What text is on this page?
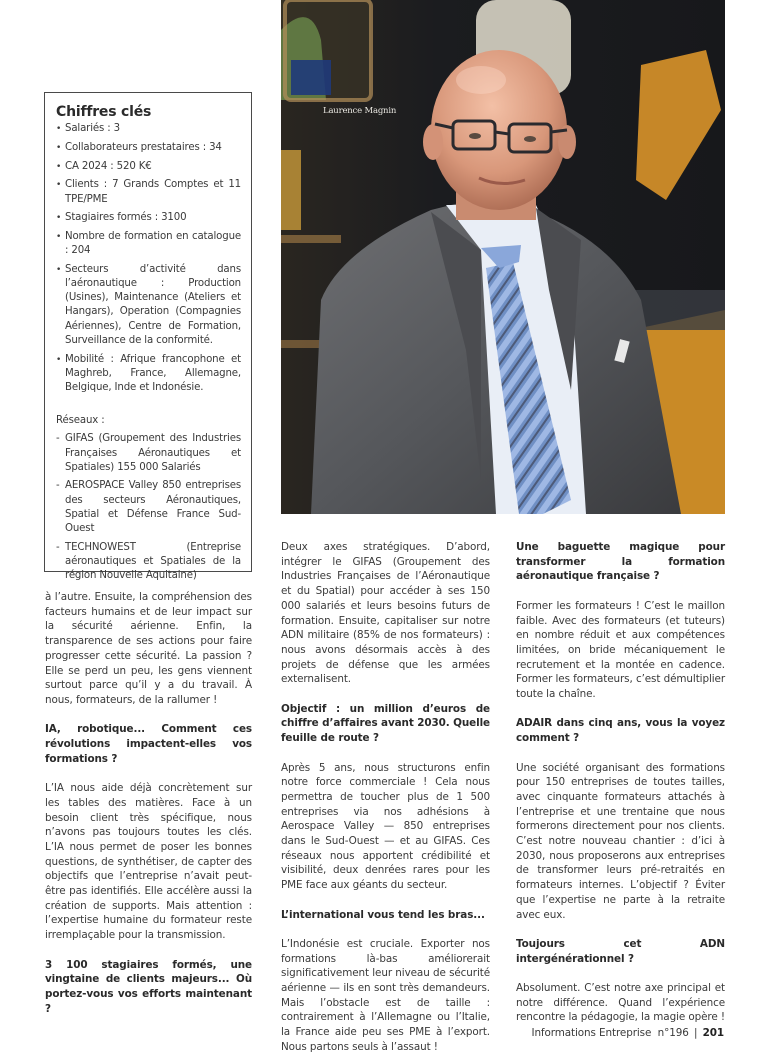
Chiffres clés
• Salariés : 3
• Collaborateurs prestataires : 34
• CA 2024 : 520 K€
• Clients : 7 Grands Comptes et 11 TPE/PME
• Stagiaires formés : 3100
• Nombre de formation en catalogue : 204
• Secteurs d’activité dans l’aéronautique : Production (Usines), Maintenance (Ateliers et Hangars), Operation (Compagnies Aériennes), Centre de Formation, Surveillance de la conformité.
• Mobilité : Afrique francophone et Maghreb, France, Allemagne, Belgique, Inde et Indonésie.
Réseaux :
- GIFAS (Groupement des Industries Françaises Aéronautiques et Spatiales) 155 000 Salariés
- AEROSPACE Valley 850 entreprises des secteurs Aéronautiques, Spatial et Défense France Sud-Ouest
- TECHNOWEST (Entreprise aéronautiques et Spatiales de la région Nouvelle Aquitaine)
Laurence Magnin

à l’autre. Ensuite, la compréhension des facteurs humains et de leur impact sur la sécurité aérienne. Enfin, la transparence de ses actions pour faire progresser cette sécurité. La passion ? Elle se perd un peu, les gens viennent surtout parce qu’il y a du travail. À nous, formateurs, de la rallumer !

IA, robotique... Comment ces révolutions impactent-elles vos formations ?

L’IA nous aide déjà concrètement sur les tables des matières. Face à un besoin client très spécifique, nous n’avons pas toujours toutes les clés. L’IA nous permet de poser les bonnes questions, de synthétiser, de capter des objectifs que l’entreprise n’avait peut-être pas identifiés. Elle accélère aussi la création de supports. Mais attention : l’expertise humaine du formateur reste irremplaçable pour la transmission.

3 100 stagiaires formés, une vingtaine de clients majeurs... Où portez-vous vos efforts maintenant ?

Deux axes stratégiques. D’abord, intégrer le GIFAS (Groupement des Industries Françaises de l’Aéronautique et du Spatial) pour accéder à ses 150 000 salariés et leurs besoins futurs de formation. Ensuite, capitaliser sur notre ADN militaire (85% de nos formateurs) : nous avons désormais accès à des projets de défense que les armées externalisent.

Objectif : un million d’euros de chiffre d’affaires avant 2030. Quelle feuille de route ?

Après 5 ans, nous structurons enfin notre force commerciale ! Cela nous permettra de toucher plus de 1 500 entreprises via nos adhésions à Aerospace Valley — 850 entreprises dans le Sud-Ouest — et au GIFAS. Ces réseaux nous apportent crédibilité et visibilité, deux denrées rares pour les PME face aux géants du secteur.

L’international vous tend les bras...

L’Indonésie est cruciale. Exporter nos formations là-bas améliorerait significativement leur niveau de sécurité aérienne — ils en sont très demandeurs. Mais l’obstacle est de taille : contrairement à l’Allemagne ou l’Italie, la France aide peu ses PME à l’export. Nous partons seuls à l’assaut !

Une baguette magique pour transformer la formation aéronautique française ?

Former les formateurs ! C’est le maillon faible. Avec des formateurs (et tuteurs) en nombre réduit et aux compétences limitées, on bride mécaniquement le recrutement et la montée en cadence. Former les formateurs, c’est démultiplier toute la chaîne.

ADAIR dans cinq ans, vous la voyez comment ?

Une société organisant des formations pour 150 entreprises de toutes tailles, avec cinquante formateurs attachés à l’entreprise et une trentaine que nous formerons directement pour nos clients. C’est notre nouveau chantier : d’ici à 2030, nous proposerons aux entreprises de transformer leurs pré-retraités en formateurs internes. L’objectif ? Éviter que l’expertise ne parte à la retraite avec eux.

Toujours cet ADN intergénérationnel ?

Absolument. C’est notre axe principal et notre différence. Quand l’expérience rencontre la pédagogie, la magie opère !

Informations Entreprise  n°196 | 201
